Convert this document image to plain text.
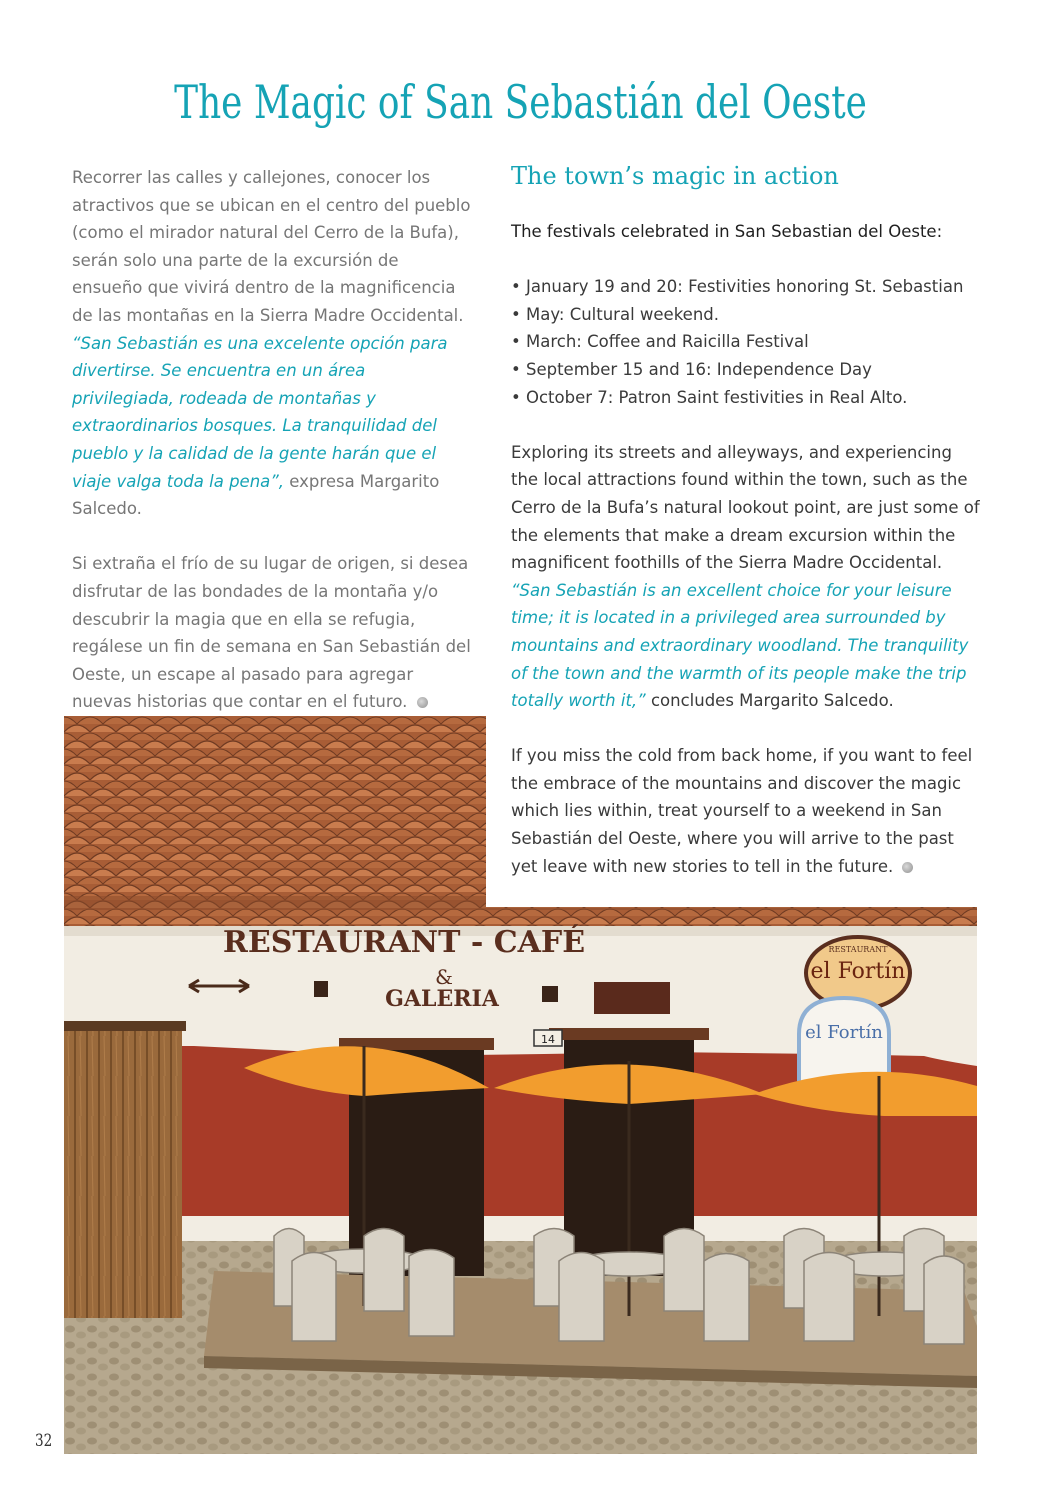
The Magic of San Sebastián del Oeste

Recorrer las calles y callejones, conocer los atractivos que se ubican en el centro del pueblo (como el mirador natural del Cerro de la Bufa), serán solo una parte de la excursión de ensueño que vivirá dentro de la magnificencia de las montañas en la Sierra Madre Occidental. “San Sebastián es una excelente opción para divertirse. Se encuentra en un área privilegiada, rodeada de montañas y extraordinarios bosques. La tranquilidad del pueblo y la calidad de la gente harán que el viaje valga toda la pena”, expresa Margarito Salcedo.

Si extraña el frío de su lugar de origen, si desea disfrutar de las bondades de la montaña y/o descubrir la magia que en ella se refugia, regálese un fin de semana en San Sebastián del Oeste, un escape al pasado para agregar nuevas historias que contar en el futuro.

RESTAURANT - CAFÉ
&
GALERIA
14
RESTAURANT
el Fortín
el Fortín
32
The town’s magic in action

The festivals celebrated in San Sebastian del Oeste:

• January 19 and 20: Festivities honoring St. Sebastian
• May: Cultural weekend.
• March: Coffee and Raicilla Festival
• September 15 and 16: Independence Day
• October 7: Patron Saint festivities in Real Alto.

Exploring its streets and alleyways, and experiencing the local attractions found within the town, such as the Cerro de la Bufa’s natural lookout point, are just some of the elements that make a dream excursion within the magnificent foothills of the Sierra Madre Occidental. “San Sebastián is an excellent choice for your leisure time; it is located in a privileged area surrounded by mountains and extraordinary woodland. The tranquility of the town and the warmth of its people make the trip totally worth it,” concludes Margarito Salcedo.

If you miss the cold from back home, if you want to feel the embrace of the mountains and discover the magic which lies within, treat yourself to a weekend in San Sebastián del Oeste, where you will arrive to the past yet leave with new stories to tell in the future.
